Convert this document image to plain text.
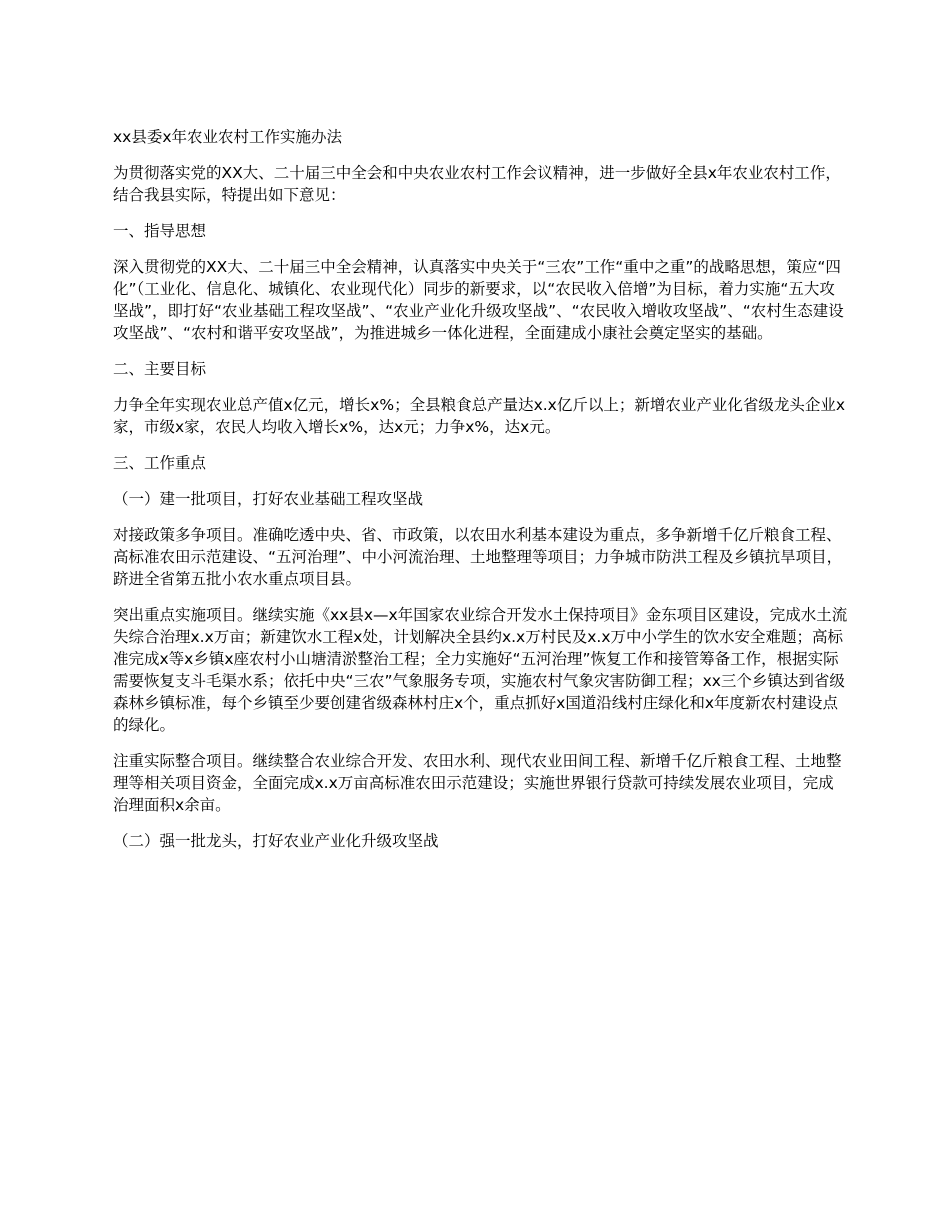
xx县委x年农业农村工作实施办法

为贯彻落实党的XX大、二十届三中全会和中央农业农村工作会议精神，进一步做好全县x年农业农村工作，结合我县实际，特提出如下意见：

一、指导思想

深入贯彻党的XX大、二十届三中全会精神，认真落实中央关于“三农”工作“重中之重”的战略思想，策应“四化”（工业化、信息化、城镇化、农业现代化）同步的新要求，以“农民收入倍增”为目标，着力实施“五大攻坚战”，即打好“农业基础工程攻坚战”、“农业产业化升级攻坚战”、“农民收入增收攻坚战”、“农村生态建设攻坚战”、“农村和谐平安攻坚战”，为推进城乡一体化进程，全面建成小康社会奠定坚实的基础。

二、主要目标

力争全年实现农业总产值x亿元，增长x%；全县粮食总产量达x.x亿斤以上；新增农业产业化省级龙头企业x家，市级x家，农民人均收入增长x%，达x元；力争x%，达x元。

三、工作重点
（一）建一批项目，打好农业基础工程攻坚战

对接政策多争项目。准确吃透中央、省、市政策，以农田水利基本建设为重点，多争新增千亿斤粮食工程、高标准农田示范建设、“五河治理”、中小河流治理、土地整理等项目；力争城市防洪工程及乡镇抗旱项目，跻进全省第五批小农水重点项目县。

突出重点实施项目。继续实施《xx县x—x年国家农业综合开发水土保持项目》金东项目区建设，完成水土流失综合治理x.x万亩；新建饮水工程x处，计划解决全县约x.x万村民及x.x万中小学生的饮水安全难题；高标准完成x等x乡镇x座农村小山塘清淤整治工程；全力实施好“五河治理”恢复工作和接管筹备工作，根据实际需要恢复支斗毛渠水系；依托中央“三农”气象服务专项，实施农村气象灾害防御工程；xx三个乡镇达到省级森林乡镇标准，每个乡镇至少要创建省级森林村庄x个，重点抓好x国道沿线村庄绿化和x年度新农村建设点的绿化。

注重实际整合项目。继续整合农业综合开发、农田水利、现代农业田间工程、新增千亿斤粮食工程、土地整理等相关项目资金，全面完成x.x万亩高标准农田示范建设；实施世界银行贷款可持续发展农业项目，完成治理面积x余亩。

（二）强一批龙头，打好农业产业化升级攻坚战
